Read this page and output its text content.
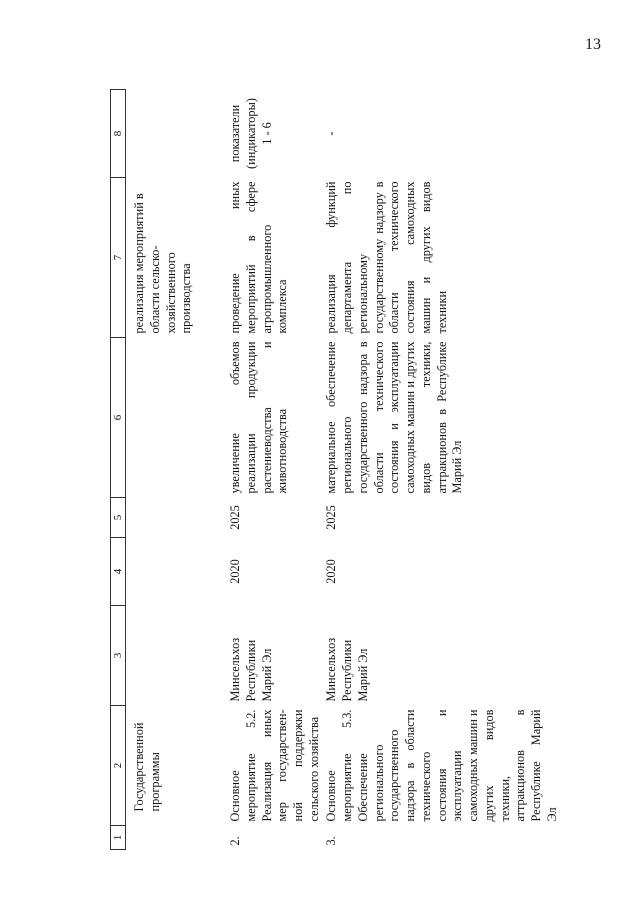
13
1	2	3	4	5	6	7	8

	Государственной программы					реализация мероприятий в области сельско-хозяйственного производства	
2.	Основное мероприятие 5.2. Реализация иных мер государствен-ной поддержки сельского хозяйства	Минсельхоз Республики Марий Эл	2020	2025	увеличение объемов реализации продукции растениеводства и животноводства	проведение иных мероприятий в сфере агропромышленного комплекса	показатели (индикаторы) 1 - 6
3.	Основное мероприятие 5.3. Обеспечение регионального государственного надзора в области технического состояния и эксплуатации самоходных машин и других видов техники, аттракционов в Республике Марий Эл	Минсельхоз Республики Марий Эл	2020	2025	материальное обеспечение регионального государственного надзора в области технического состояния и эксплуатации самоходных машин и других видов техники, аттракционов в Республике Марий Эл	реализация функций департамента по региональному государственному надзору в области технического состояния самоходных машин и других видов техники	-
